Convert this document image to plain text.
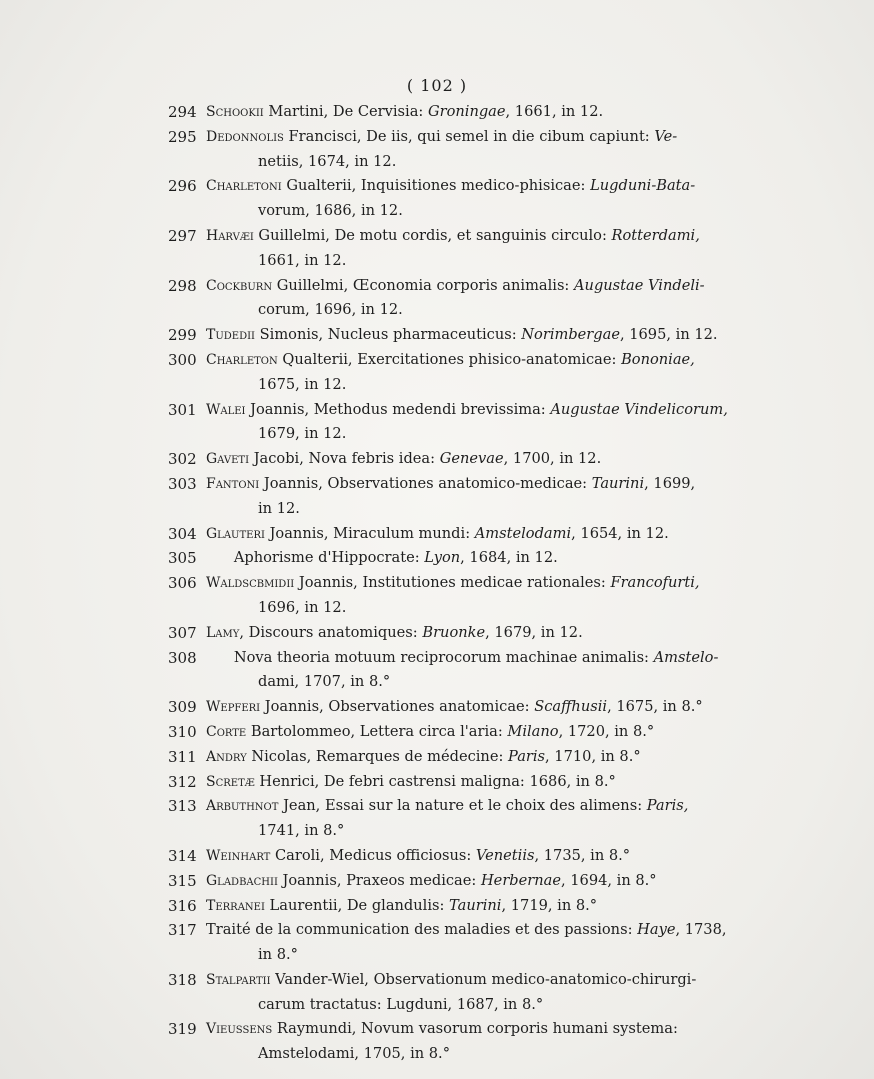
( 102 )

294 Schookii Martini, De Cervisia: Groningae, 1661, in 12.

295 Dedonnolis Francisci, De iis, qui semel in die cibum capiunt: Ve-
netiis, 1674, in 12.

296 Charletoni Gualterii, Inquisitiones medico-phisicae: Lugduni-Bata-
vorum, 1686, in 12.

297 Harvæi Guillelmi, De motu cordis, et sanguinis circulo: Rotterdami,
1661, in 12.

298 Cockburn Guillelmi, Œconomia corporis animalis: Augustae Vindeli-
corum, 1696, in 12.

299 Tudedii Simonis, Nucleus pharmaceuticus: Norimbergae, 1695, in 12.

300 Charleton Qualterii, Exercitationes phisico-anatomicae: Bononiae,
1675, in 12.

301 Walei Joannis, Methodus medendi brevissima: Augustae Vindelicorum,
1679, in 12.

302 Gaveti Jacobi, Nova febris idea: Genevae, 1700, in 12.

303 Fantoni Joannis, Observationes anatomico-medicae: Taurini, 1699,
in 12.

304 Glauteri Joannis, Miraculum mundi: Amstelodami, 1654, in 12.

305 Aphorisme d'Hippocrate: Lyon, 1684, in 12.

306 Waldscbmidii Joannis, Institutiones medicae rationales: Francofurti,
1696, in 12.

307 Lamy, Discours anatomiques: Bruonke, 1679, in 12.

308 Nova theoria motuum reciprocorum machinae animalis: Amstelo-
dami, 1707, in 8.°

309 Wepferi Joannis, Observationes anatomicae: Scaffhusii, 1675, in 8.°

310 Corte Bartolommeo, Lettera circa l'aria: Milano, 1720, in 8.°

311 Andry Nicolas, Remarques de médecine: Paris, 1710, in 8.°

312 Scretæ Henrici, De febri castrensi maligna: 1686, in 8.°

313 Arbuthnot Jean, Essai sur la nature et le choix des alimens: Paris,
1741, in 8.°

314 Weinhart Caroli, Medicus officiosus: Venetiis, 1735, in 8.°

315 Gladbachii Joannis, Praxeos medicae: Herbernae, 1694, in 8.°

316 Terranei Laurentii, De glandulis: Taurini, 1719, in 8.°

317 Traité de la communication des maladies et des passions: Haye, 1738,
in 8.°

318 Stalpartii Vander-Wiel, Observationum medico-anatomico-chirurgi-
carum tractatus: Lugduni, 1687, in 8.°

319 Vieussens Raymundi, Novum vasorum corporis humani systema:
Amstelodami, 1705, in 8.°
